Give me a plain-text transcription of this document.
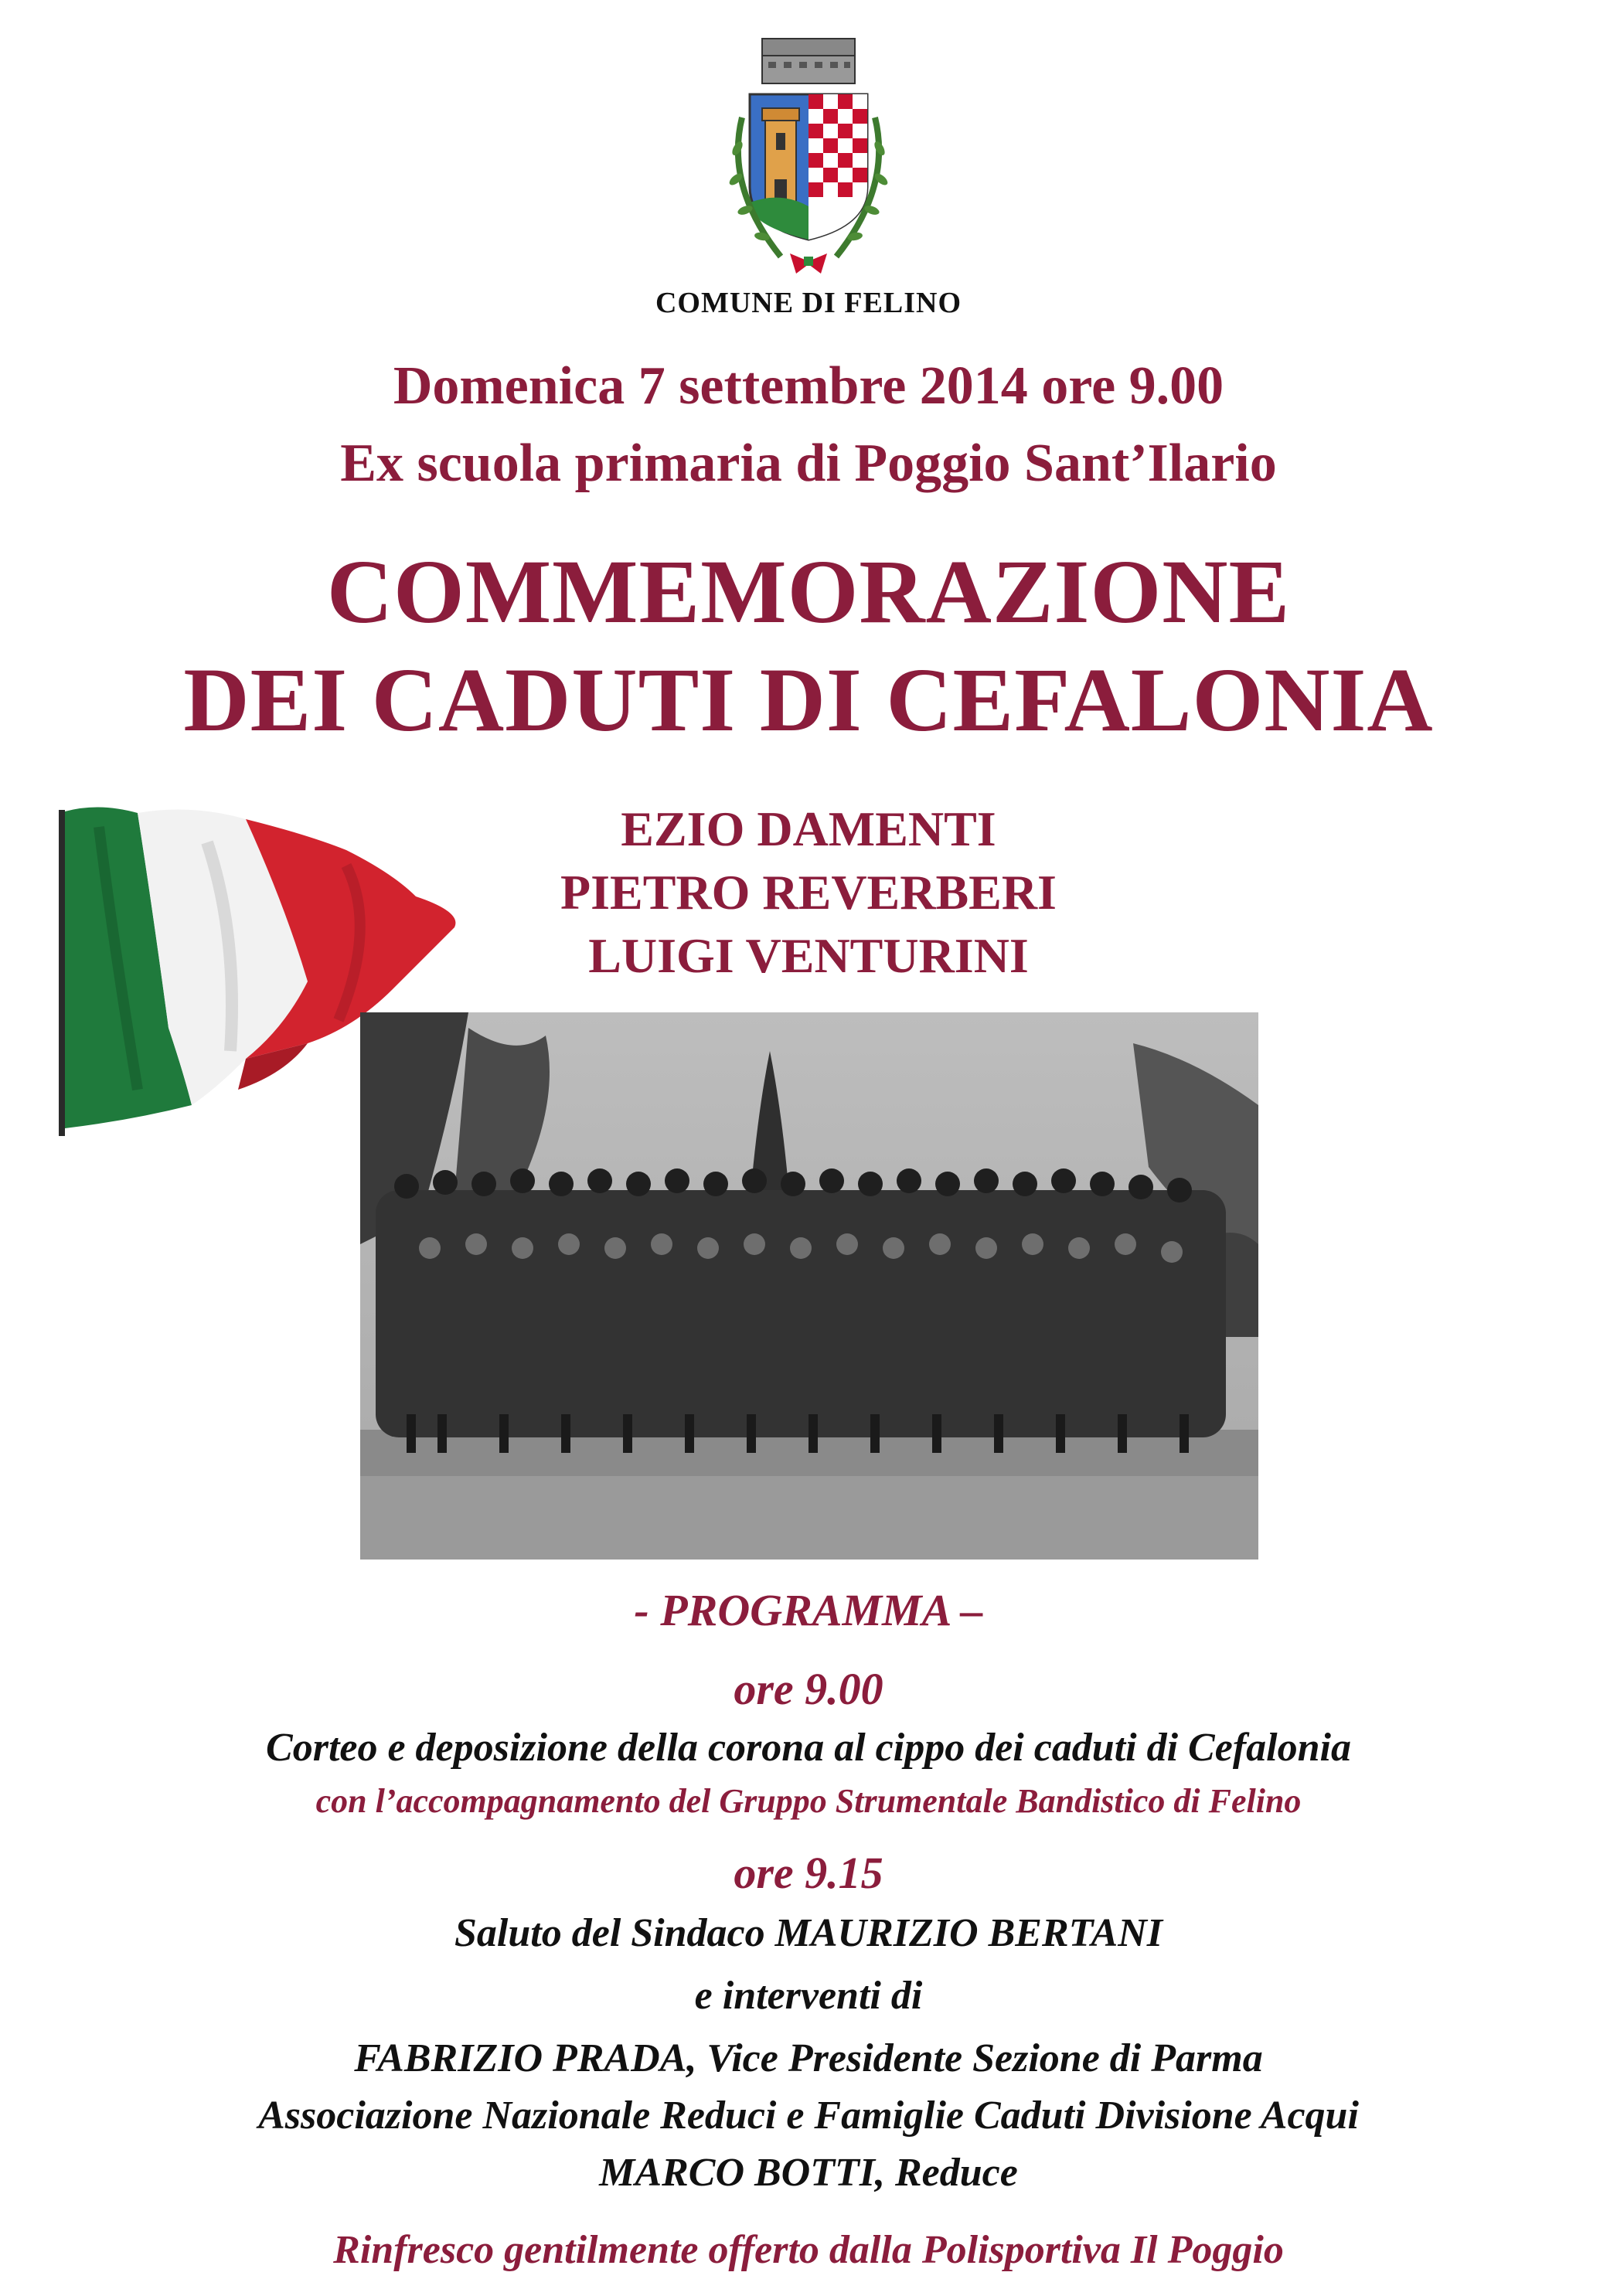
COMUNE DI FELINO
Domenica 7 settembre 2014 ore 9.00
Ex scuola primaria di Poggio Sant’Ilario
COMMEMORAZIONE
DEI CADUTI DI CEFALONIA
EZIO DAMENTI
PIETRO REVERBERI
LUIGI VENTURINI
- PROGRAMMA –
ore 9.00
Corteo e deposizione della corona al cippo dei caduti di Cefalonia
con l’accompagnamento del Gruppo Strumentale Bandistico di Felino
ore 9.15
Saluto del Sindaco MAURIZIO BERTANI
e interventi di
FABRIZIO PRADA, Vice Presidente Sezione di Parma
Associazione Nazionale Reduci e Famiglie Caduti Divisione Acqui
MARCO BOTTI, Reduce
Rinfresco gentilmente offerto dalla Polisportiva Il Poggio
